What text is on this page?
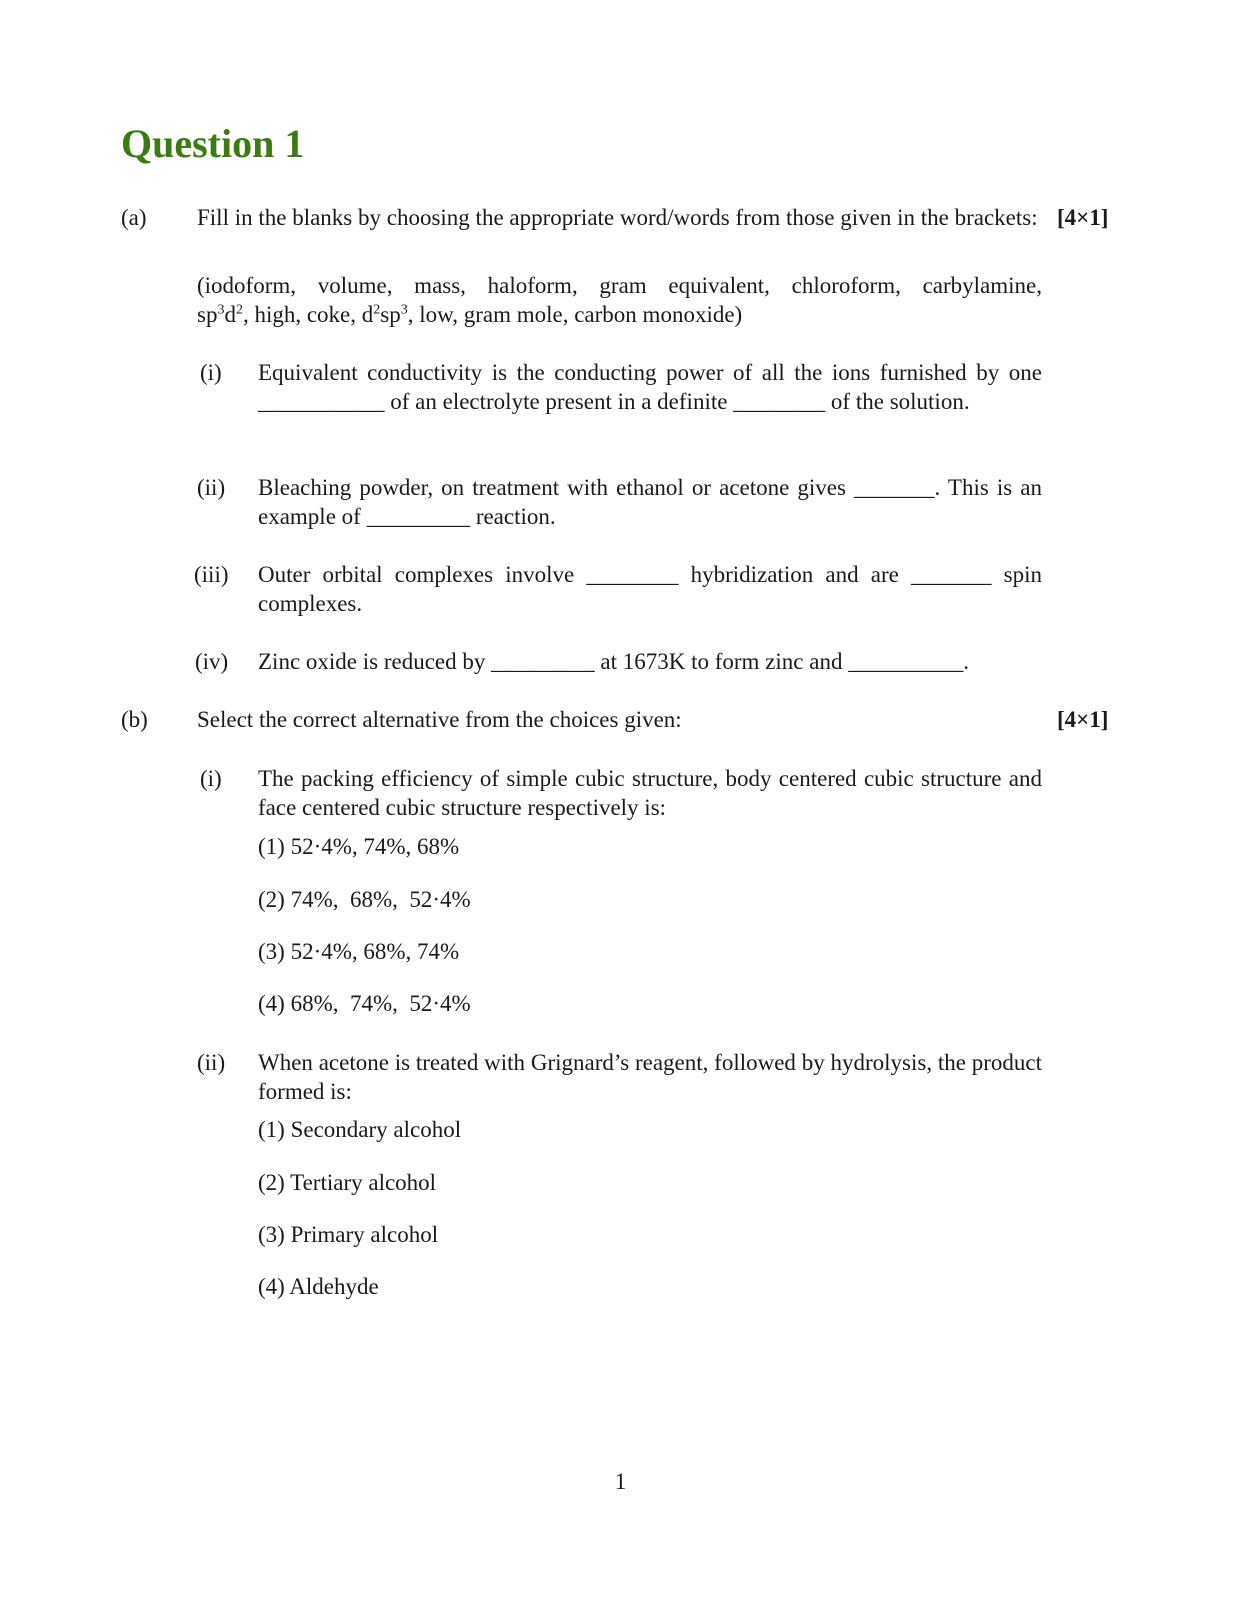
Question 1
(a) Fill in the blanks by choosing the appropriate word/words from those given in the brackets: [4×1]
(iodoform, volume, mass, haloform, gram equivalent, chloroform, carbylamine,
$sp^3d^2$, high, coke, $d^2sp^3$, low, gram mole, carbon monoxide)
(i) Equivalent conductivity is the conducting power of all the ions furnished by one ___________ of an electrolyte present in a definite ________ of the solution.

(ii) Bleaching powder, on treatment with ethanol or acetone gives _______. This is an example of _________ reaction.

(iii) Outer orbital complexes involve ________ hybridization and are _______ spin complexes.

(iv) Zinc oxide is reduced by _________ at 1673K to form zinc and __________.

(b) Select the correct alternative from the choices given:	[4×1]
(i) The packing efficiency of simple cubic structure, body centered cubic structure and face centered cubic structure respectively is:

(1) 52·4%, 74%, 68%
(2) 74%,  68%,  52·4%
(3) 52·4%, 68%, 74%
(4) 68%,  74%,  52·4%
(ii) When acetone is treated with Grignard’s reagent, followed by hydrolysis, the product formed is:

(1) Secondary alcohol
(2) Tertiary alcohol
(3) Primary alcohol
(4) Aldehyde
1
